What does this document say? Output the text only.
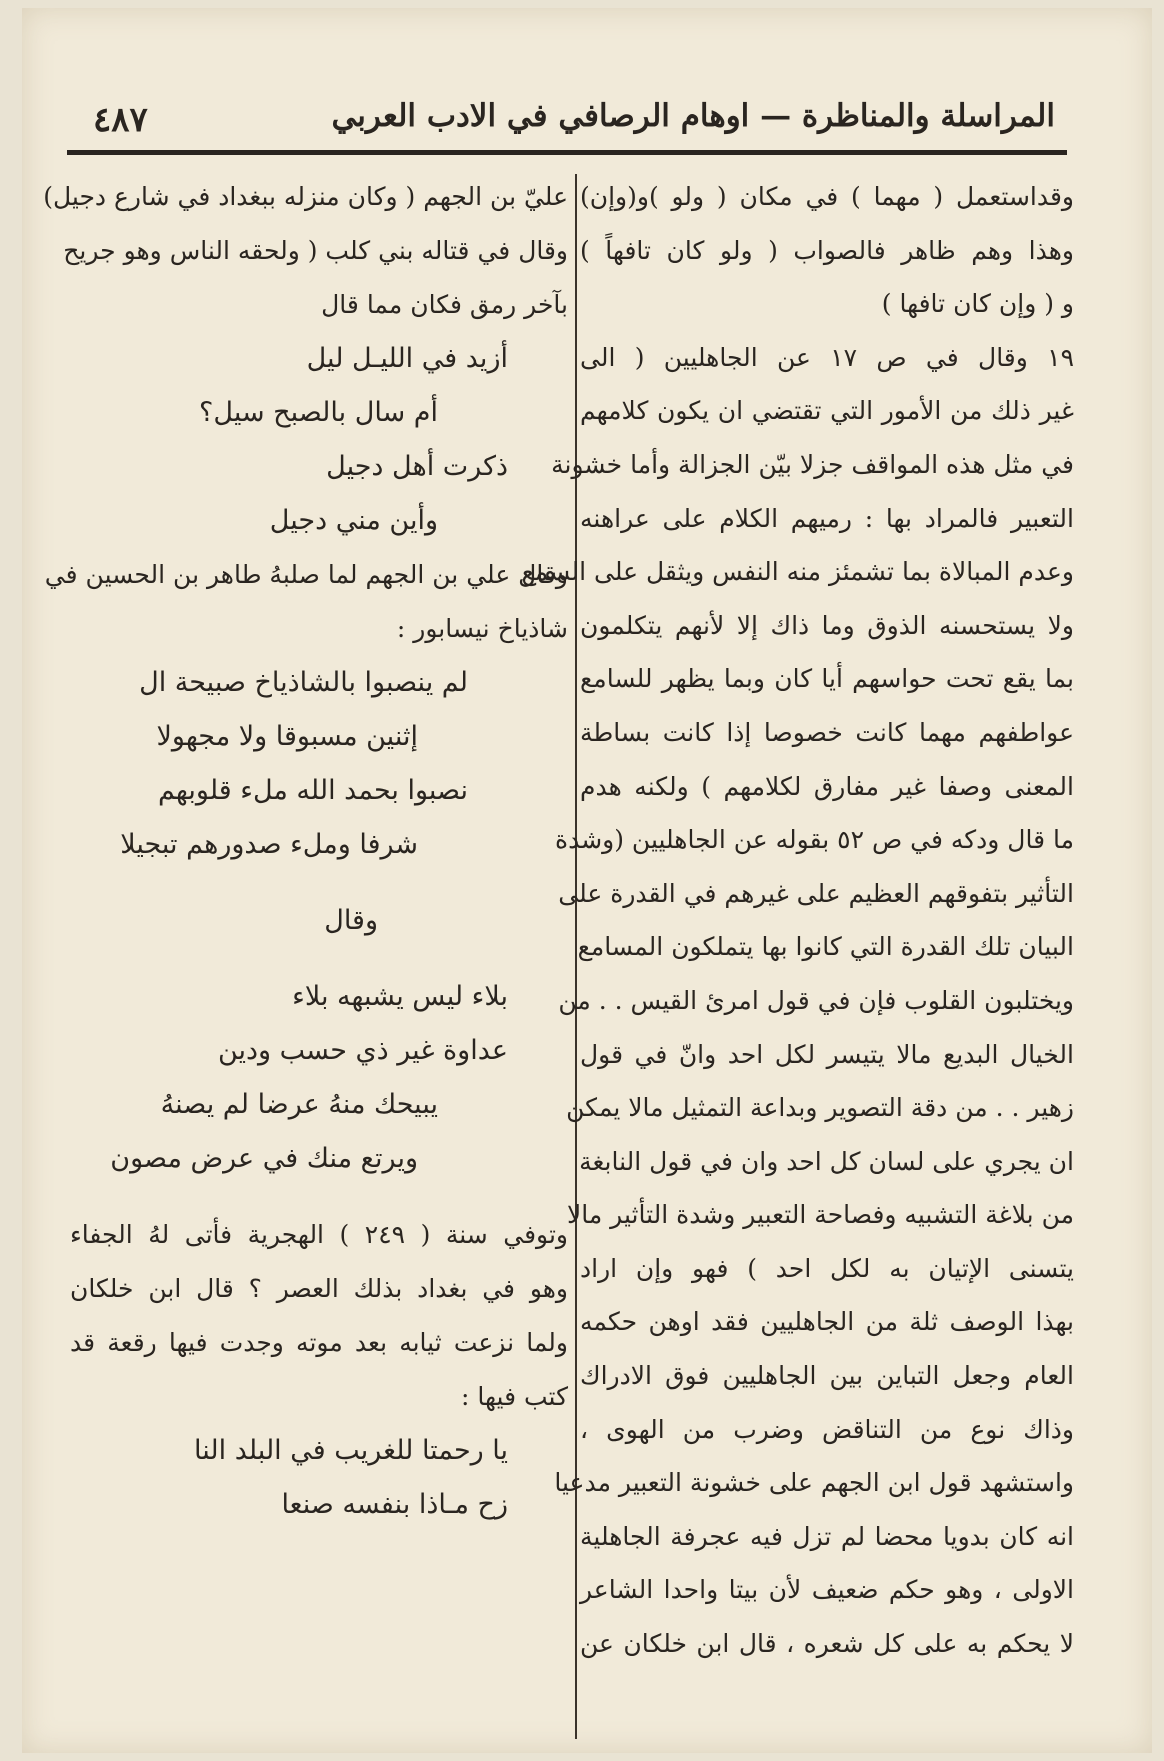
٤٨٧	المراسلة والمناظرة — اوهام الرصافي في الادب العربي
وقداستعمل ( مهما ) في مكان ( ولو )و(وإن)
وهذا وهم ظاهر فالصواب ( ولو كان تافهاً )
و ( وإن كان تافها )
١٩ وقال في ص ١٧ عن الجاهليين ( الى
غير ذلك من الأمور التي تقتضي ان يكون كلامهم
في مثل هذه المواقف جزلا بيّن الجزالة وأما خشونة
التعبير فالمراد بها : رميهم الكلام على عراهنه
وعدم المبالاة بما تشمئز منه النفس ويثقل على السمع
ولا يستحسنه الذوق وما ذاك إلا لأنهم يتكلمون
بما يقع تحت حواسهم أيا كان وبما يظهر للسامع
عواطفهم مهما كانت خصوصا إذا كانت بساطة
المعنى وصفا غير مفارق لكلامهم ) ولكنه هدم
ما قال ودكه في ص ٥٢ بقوله عن الجاهليين (وشدة
التأثير بتفوقهم العظيم على غيرهم في القدرة على
البيان تلك القدرة التي كانوا بها يتملكون المسامع
ويختلبون القلوب فإن في قول امرئ القيس . . من
الخيال البديع مالا يتيسر لكل احد وانّ في قول
زهير . . من دقة التصوير وبداعة التمثيل مالا يمكن
ان يجري على لسان كل احد وان في قول النابغة
من بلاغة التشبيه وفصاحة التعبير وشدة التأثير مالا
يتسنى الإتيان به لكل احد ) فهو وإن اراد
بهذا الوصف ثلة من الجاهليين فقد اوهن حكمه
العام وجعل التباين بين الجاهليين فوق الادراك
وذاك نوع من التناقض وضرب من الهوى ،
واستشهد قول ابن الجهم على خشونة التعبير مدعيا
انه كان بدويا محضا لم تزل فيه عجرفة الجاهلية
الاولى ، وهو حكم ضعيف لأن بيتا واحدا الشاعر
لا يحكم به على كل شعره ، قال ابن خلكان عن
عليّ بن الجهم ( وكان منزله ببغداد في شارع دجيل)
وقال في قتاله بني كلب ( ولحقه الناس وهو جريح
بآخر رمق فكان مما قال
أزيد في الليـل ليل
أم سال بالصبح سيل؟
ذكرت أهل دجيل
وأين مني دجيل
وقال علي بن الجهم لما صلبهُ طاهر بن الحسين في
شاذياخ نيسابور :
لم ينصبوا بالشاذياخ صبيحة ال
إثنين مسبوقا ولا مجهولا
نصبوا بحمد الله مل‌ء قلوبهم
شرفا وملء صدورهم تبجيلا
وقال
بلاء ليس يشبهه بلاء
عداوة غير ذي حسب ودين
يبيحك منهُ عرضا لم يصنهُ
ويرتع منك في عرض مصون
وتوفي سنة ( ٢٤٩ ) الهجرية فأتى لهُ الجفاء
وهو في بغداد بذلك العصر ؟ قال ابن خلكان
ولما نزعت ثيابه بعد موته وجدت فيها رقعة قد
كتب فيها :
يا رحمتا للغريب في البلد النا
زح مـاذا بنفسه صنعا
